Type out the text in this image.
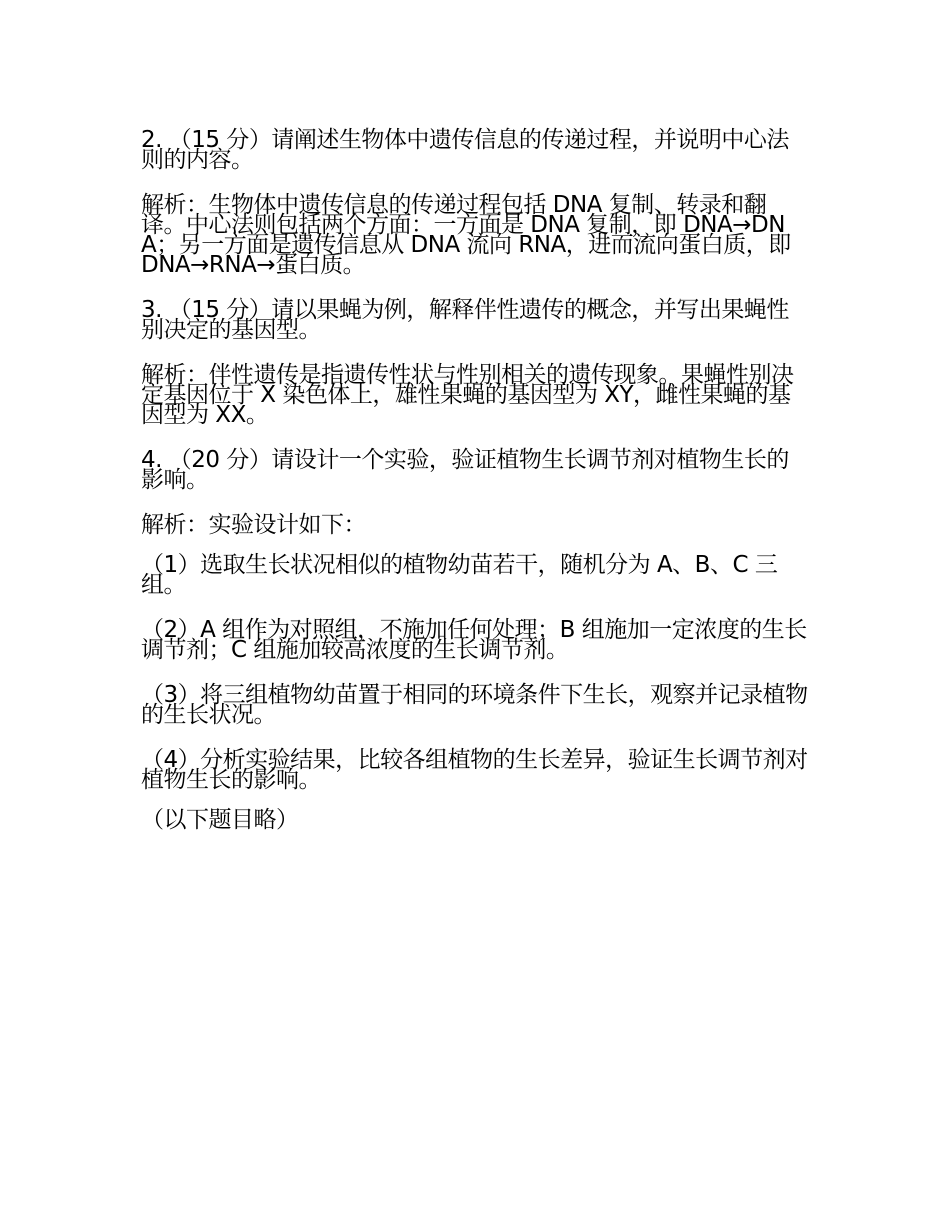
2. （15 分）请阐述生物体中遗传信息的传递过程，并说明中心法则的内容。

解析：生物体中遗传信息的传递过程包括 DNA 复制、转录和翻译。中心法则包括两个方面：一方面是 DNA 复制，即 DNA→DNA；另一方面是遗传信息从 DNA 流向 RNA，进而流向蛋白质，即 DNA→RNA→蛋白质。

3. （15 分）请以果蝇为例，解释伴性遗传的概念，并写出果蝇性别决定的基因型。

解析：伴性遗传是指遗传性状与性别相关的遗传现象。果蝇性别决定基因位于 X 染色体上，雄性果蝇的基因型为 XY，雌性果蝇的基因型为 XX。

4. （20 分）请设计一个实验，验证植物生长调节剂对植物生长的影响。

解析：实验设计如下：

（1）选取生长状况相似的植物幼苗若干，随机分为 A、B、C 三组。

（2）A 组作为对照组，不施加任何处理；B 组施加一定浓度的生长调节剂；C 组施加较高浓度的生长调节剂。

（3）将三组植物幼苗置于相同的环境条件下生长，观察并记录植物的生长状况。

（4）分析实验结果，比较各组植物的生长差异，验证生长调节剂对植物生长的影响。

（以下题目略）
